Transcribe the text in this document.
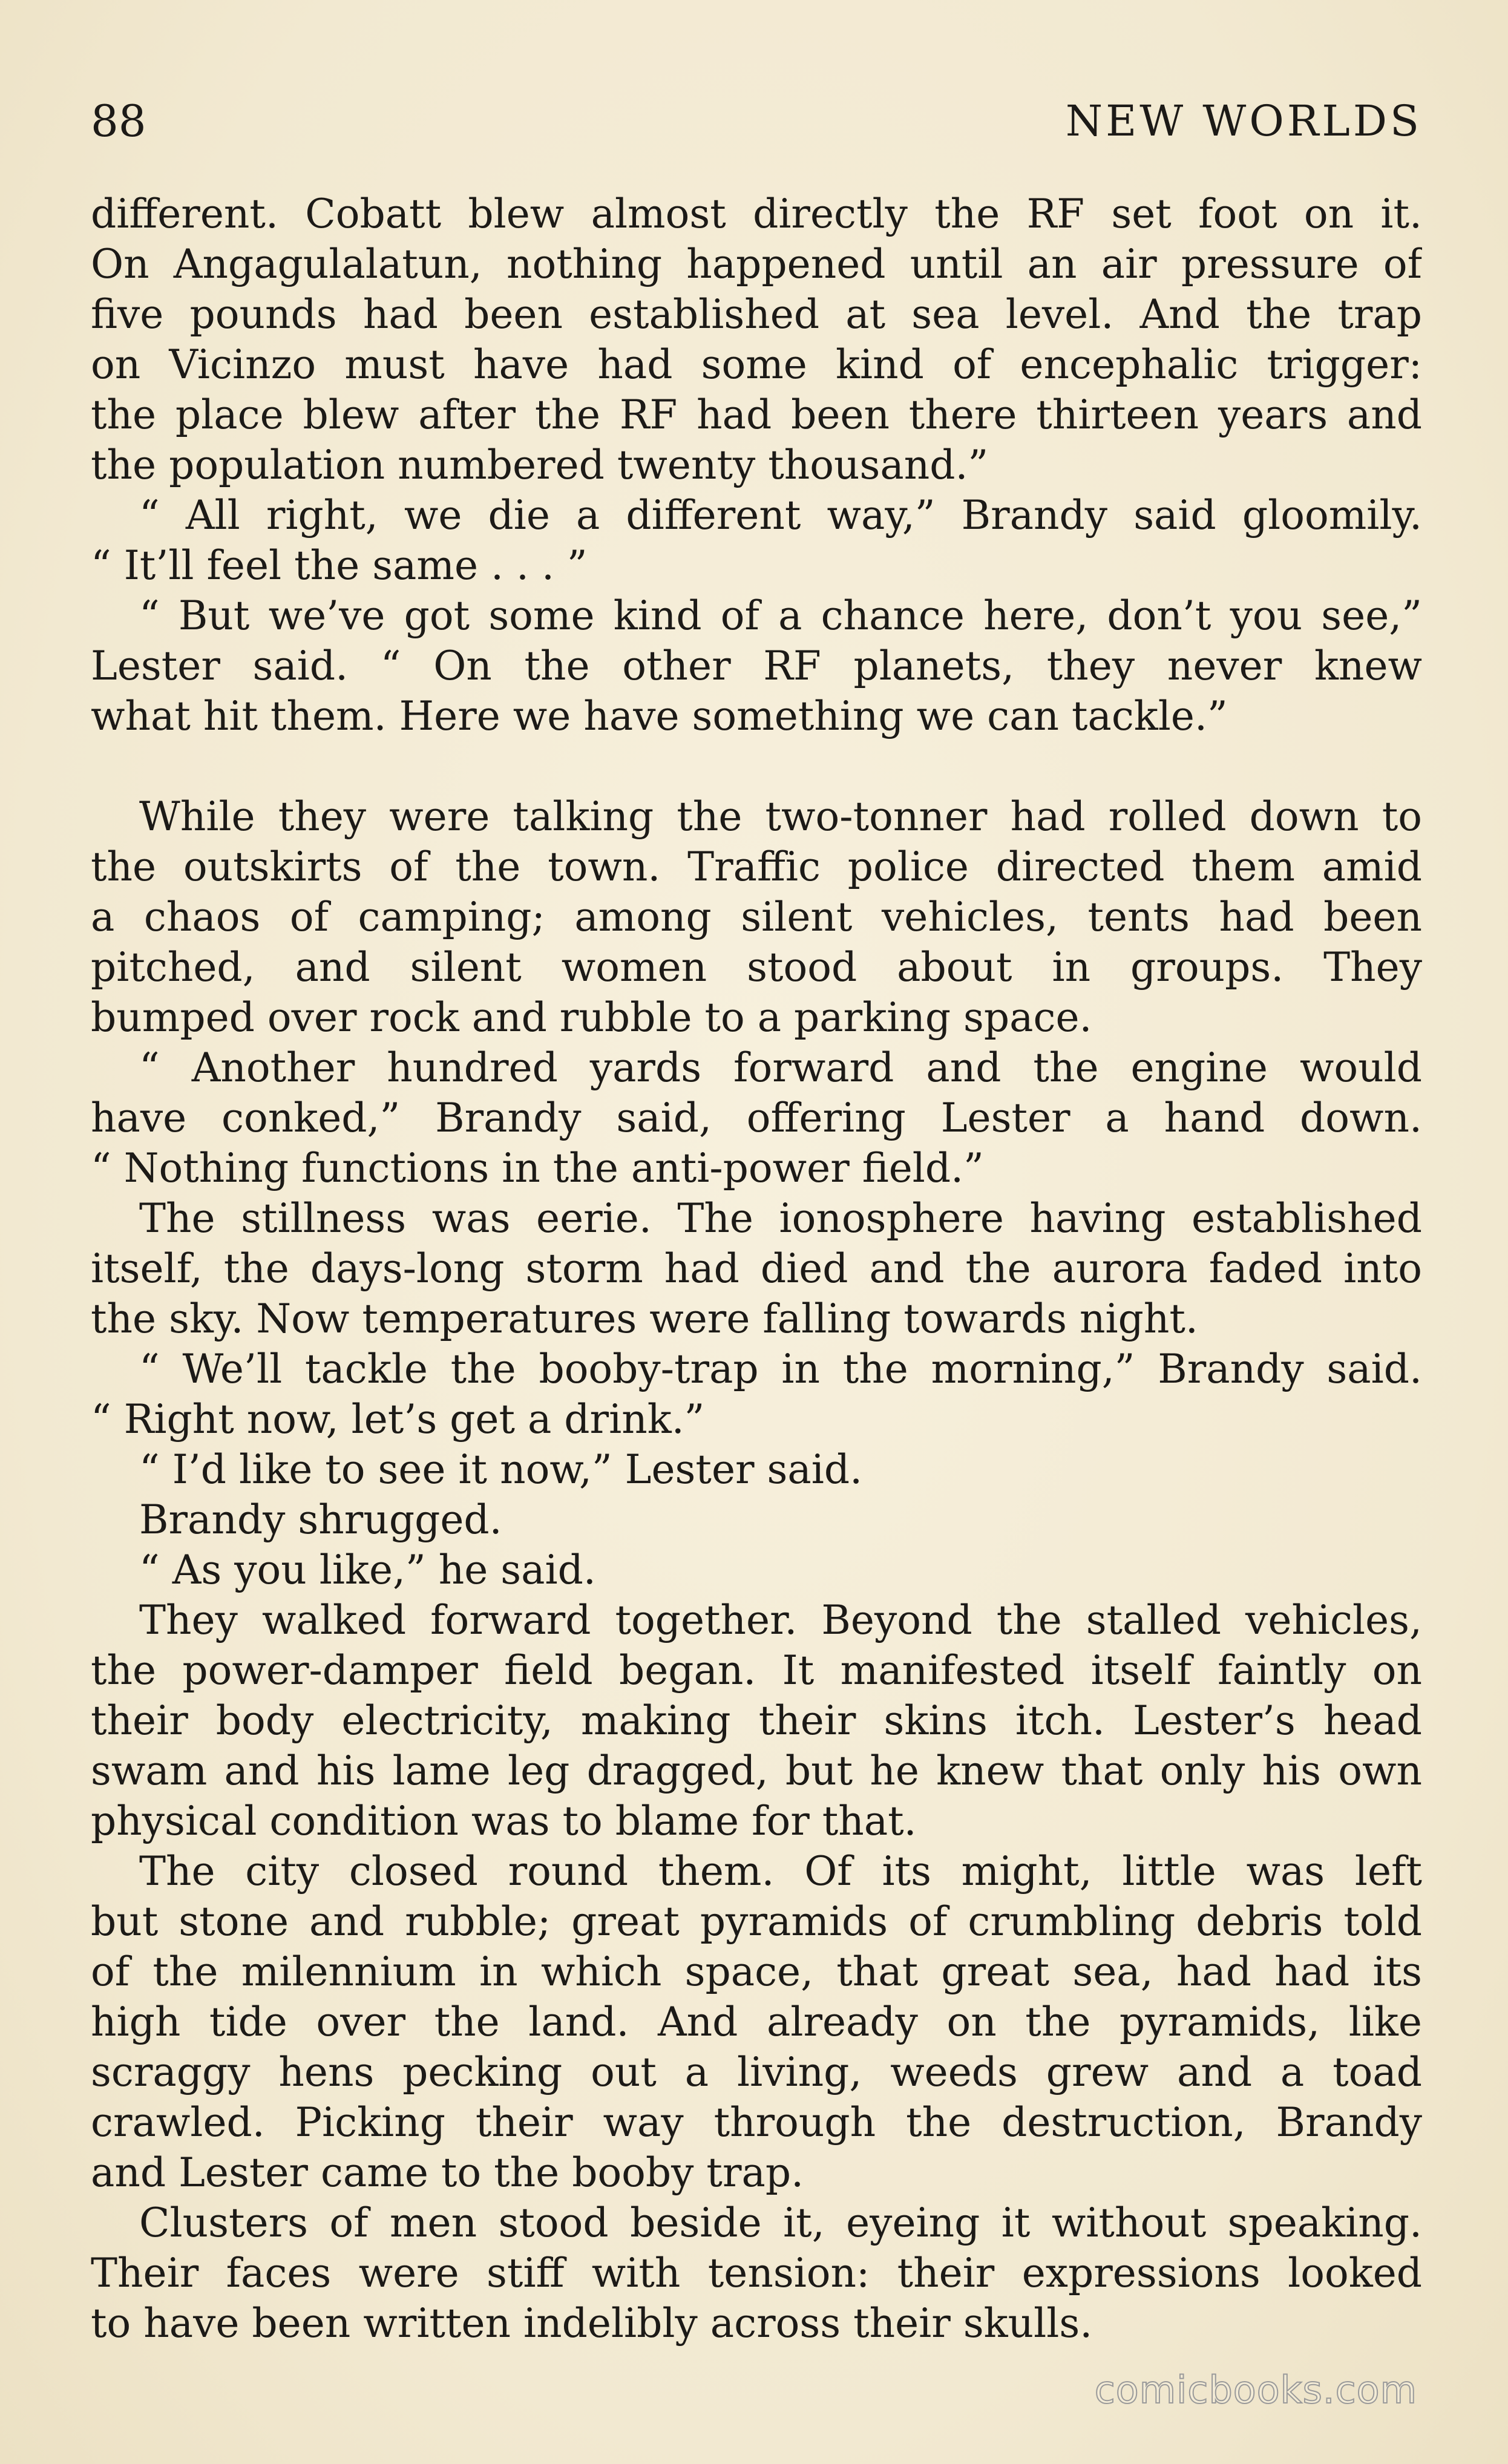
88	NEW WORLDS
different. Cobatt blew almost directly the RF set foot on it.
On Angagulalatun, nothing happened until an air pressure of
five pounds had been established at sea level. And the trap
on Vicinzo must have had some kind of encephalic trigger:
the place blew after the RF had been there thirteen years and
the population numbered twenty thousand.”
“ All right, we die a different way,” Brandy said gloomily.
“ It’ll feel the same . . . ”
“ But we’ve got some kind of a chance here, don’t you see,”
Lester said. “ On the other RF planets, they never knew
what hit them. Here we have something we can tackle.”
While they were talking the two-tonner had rolled down to
the outskirts of the town. Traffic police directed them amid
a chaos of camping; among silent vehicles, tents had been
pitched, and silent women stood about in groups. They
bumped over rock and rubble to a parking space.
“ Another hundred yards forward and the engine would
have conked,” Brandy said, offering Lester a hand down.
“ Nothing functions in the anti-power field.”
The stillness was eerie. The ionosphere having established
itself, the days-long storm had died and the aurora faded into
the sky. Now temperatures were falling towards night.
“ We’ll tackle the booby-trap in the morning,” Brandy said.
“ Right now, let’s get a drink.”
“ I’d like to see it now,” Lester said.
Brandy shrugged.
“ As you like,” he said.
They walked forward together. Beyond the stalled vehicles,
the power-damper field began. It manifested itself faintly on
their body electricity, making their skins itch. Lester’s head
swam and his lame leg dragged, but he knew that only his own
physical condition was to blame for that.
The city closed round them. Of its might, little was left
but stone and rubble; great pyramids of crumbling debris told
of the milennium in which space, that great sea, had had its
high tide over the land. And already on the pyramids, like
scraggy hens pecking out a living, weeds grew and a toad
crawled. Picking their way through the destruction, Brandy
and Lester came to the booby trap.
Clusters of men stood beside it, eyeing it without speaking.
Their faces were stiff with tension: their expressions looked
to have been written indelibly across their skulls.
comicbooks.com
